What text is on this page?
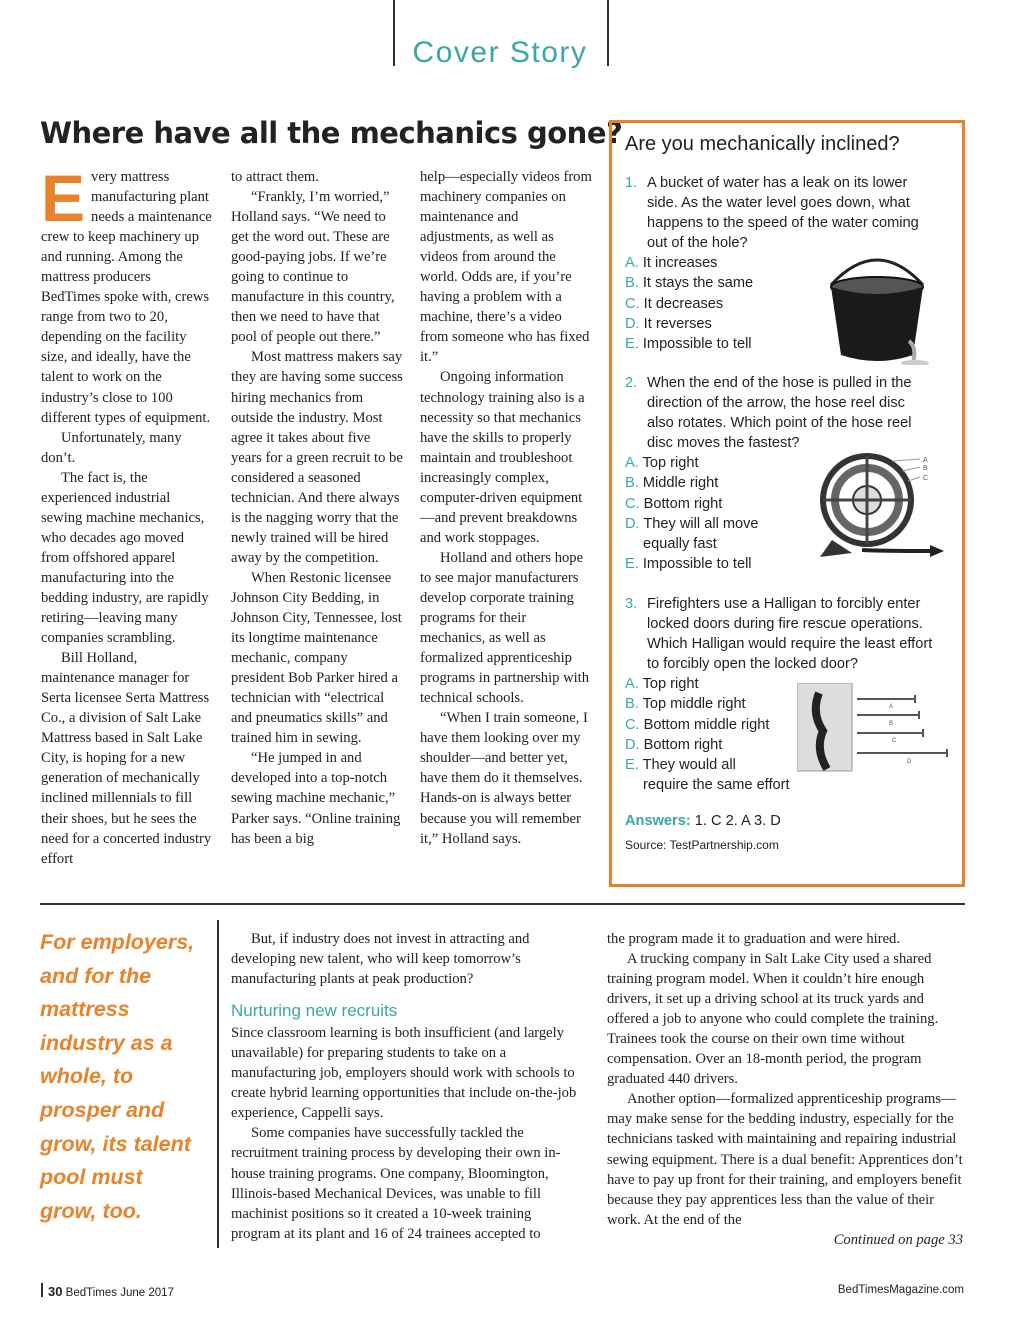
Cover Story
Where have all the mechanics gone?

Every mattress manufacturing plant needs a maintenance crew to keep machinery up and running. Among the mattress producers BedTimes spoke with, crews range from two to 20, depending on the facility size, and ideally, have the talent to work on the industry’s close to 100 different types of equipment.

Unfortunately, many don’t.

The fact is, the experienced industrial sewing machine mechanics, who decades ago moved from offshored apparel manufacturing into the bedding industry, are rapidly retiring—leaving many companies scrambling.

Bill Holland, maintenance manager for Serta licensee Serta Mattress Co., a division of Salt Lake Mattress based in Salt Lake City, is hoping for a new generation of mechanically inclined millennials to fill their shoes, but he sees the need for a concerted industry effort

to attract them.

“Frankly, I’m worried,” Holland says. “We need to get the word out. These are good-paying jobs. If we’re going to continue to manufacture in this country, then we need to have that pool of people out there.”

Most mattress makers say they are having some success hiring mechanics from outside the industry. Most agree it takes about five years for a green recruit to be considered a seasoned technician. And there always is the nagging worry that the newly trained will be hired away by the competition.

When Restonic licensee Johnson City Bedding, in Johnson City, Tennessee, lost its longtime maintenance mechanic, company president Bob Parker hired a technician with “electrical and pneumatics skills” and trained him in sewing.

“He jumped in and developed into a top-notch sewing machine mechanic,” Parker says. “Online training has been a big

help—especially videos from machinery companies on maintenance and adjustments, as well as videos from around the world. Odds are, if you’re having a problem with a machine, there’s a video from someone who has fixed it.”

Ongoing information technology training also is a necessity so that mechanics have the skills to properly maintain and troubleshoot increasingly complex, computer-driven equipment—and prevent breakdowns and work stoppages.

Holland and others hope to see major manufacturers develop corporate training programs for their mechanics, as well as formalized apprenticeship programs in partnership with technical schools.

“When I train someone, I have them looking over my shoulder—and better yet, have them do it themselves. Hands-on is always better because you will remember it,” Holland says.

Are you mechanically inclined?
1. A bucket of water has a leak on its lower side. As the water level goes down, what happens to the speed of the water coming out of the hole?
A. It increases
B. It stays the same
C. It decreases
D. It reverses
E. Impossible to tell
2. When the end of the hose is pulled in the direction of the arrow, the hose reel disc also rotates. Which point of the hose reel disc moves the fastest?
A. Top right
B. Middle right
C. Bottom right
D. They will all move
equally fast
E. Impossible to tell
A
B
C
3. Firefighters use a Halligan to forcibly enter locked doors during fire rescue operations. Which Halligan would require the least effort to forcibly open the locked door?
A. Top right
B. Top middle right
C. Bottom middle right
D. Bottom right
E. They would all
require the same effort
A
B
C
D
Answers: 1. C 2. A 3. D
Source: TestPartnership.com
For employers, and for the mattress industry as a whole, to prosper and grow, its talent pool must grow, too.

But, if industry does not invest in attracting and developing new talent, who will keep tomorrow’s manufacturing plants at peak production?

Nurturing new recruits

Since classroom learning is both insufficient (and largely unavailable) for preparing students to take on a manufacturing job, employers should work with schools to create hybrid learning opportunities that include on-the-job experience, Cappelli says.

Some companies have successfully tackled the recruitment training process by developing their own in-house training programs. One company, Bloomington, Illinois-based Mechanical Devices, was unable to fill machinist positions so it created a 10-week training program at its plant and 16 of 24 trainees accepted to

the program made it to graduation and were hired.

A trucking company in Salt Lake City used a shared training program model. When it couldn’t hire enough drivers, it set up a driving school at its truck yards and offered a job to anyone who could complete the training. Trainees took the course on their own time without compensation. Over an 18-month period, the program graduated 440 drivers.

Another option—formalized apprenticeship programs—may make sense for the bedding industry, especially for the technicians tasked with maintaining and repairing industrial sewing equipment. There is a dual benefit: Apprentices don’t have to pay up front for their training, and employers benefit because they pay apprentices less than the value of their work. At the end of the

Continued on page 33

30 BedTimes June 2017	BedTimesMagazine.com
